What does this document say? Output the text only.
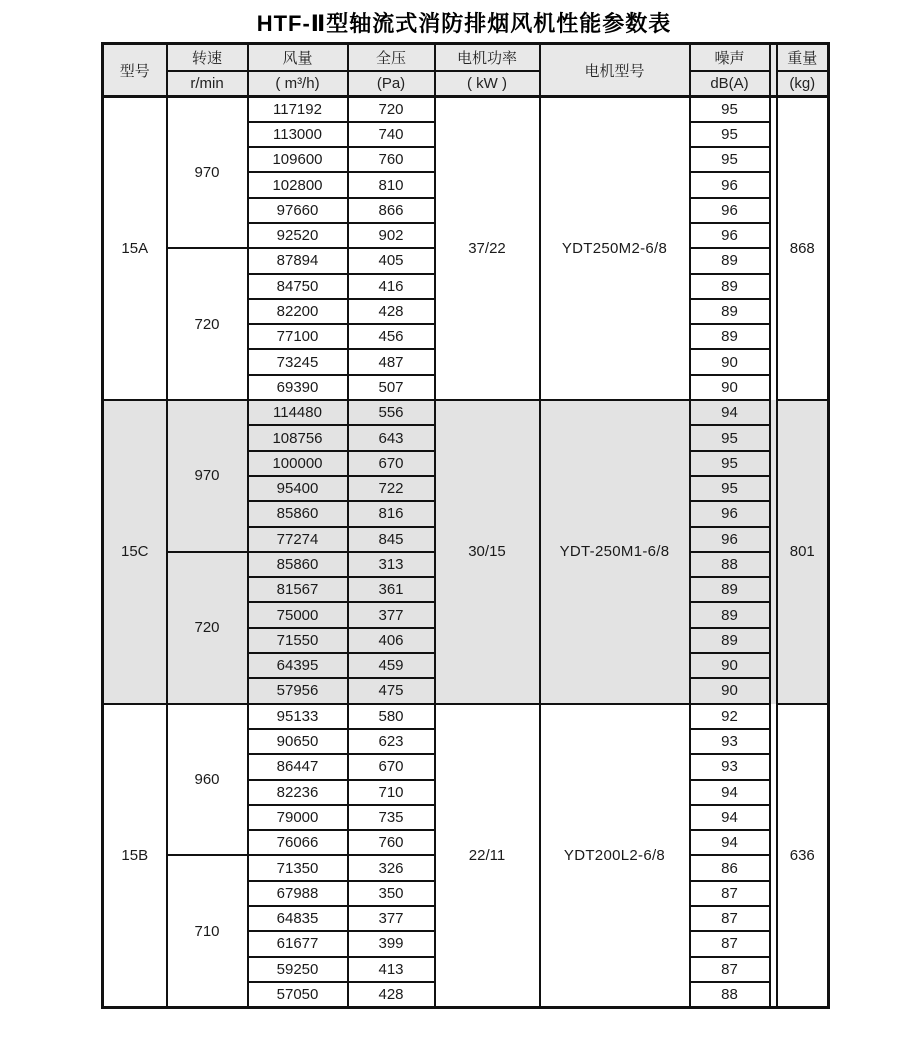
HTF-Ⅱ型轴流式消防排烟风机性能参数表
型号	转速	风量	全压	电机功率	电机型号	噪声		重量
	r/min	( m³/h)	(Pa)	( kW )		dB(A)		(kg)
15A	970	117192	720	37/22	YDT250M2-6/8	95		868
		113000	740			95		
		109600	760			95		
		102800	810			96		
		97660	866			96		
		92520	902			96		
	720	87894	405			89		
		84750	416			89		
		82200	428			89		
		77100	456			89		
		73245	487			90		
		69390	507			90		
15C	970	114480	556	30/15	YDT-250M1-6/8	94		801
		108756	643			95		
		100000	670			95		
		95400	722			95		
		85860	816			96		
		77274	845			96		
	720	85860	313			88		
		81567	361			89		
		75000	377			89		
		71550	406			89		
		64395	459			90		
		57956	475			90		
15B	960	95133	580	22/11	YDT200L2-6/8	92		636
		90650	623			93		
		86447	670			93		
		82236	710			94		
		79000	735			94		
		76066	760			94		
	710	71350	326			86		
		67988	350			87		
		64835	377			87		
		61677	399			87		
		59250	413			87		
		57050	428			88		
